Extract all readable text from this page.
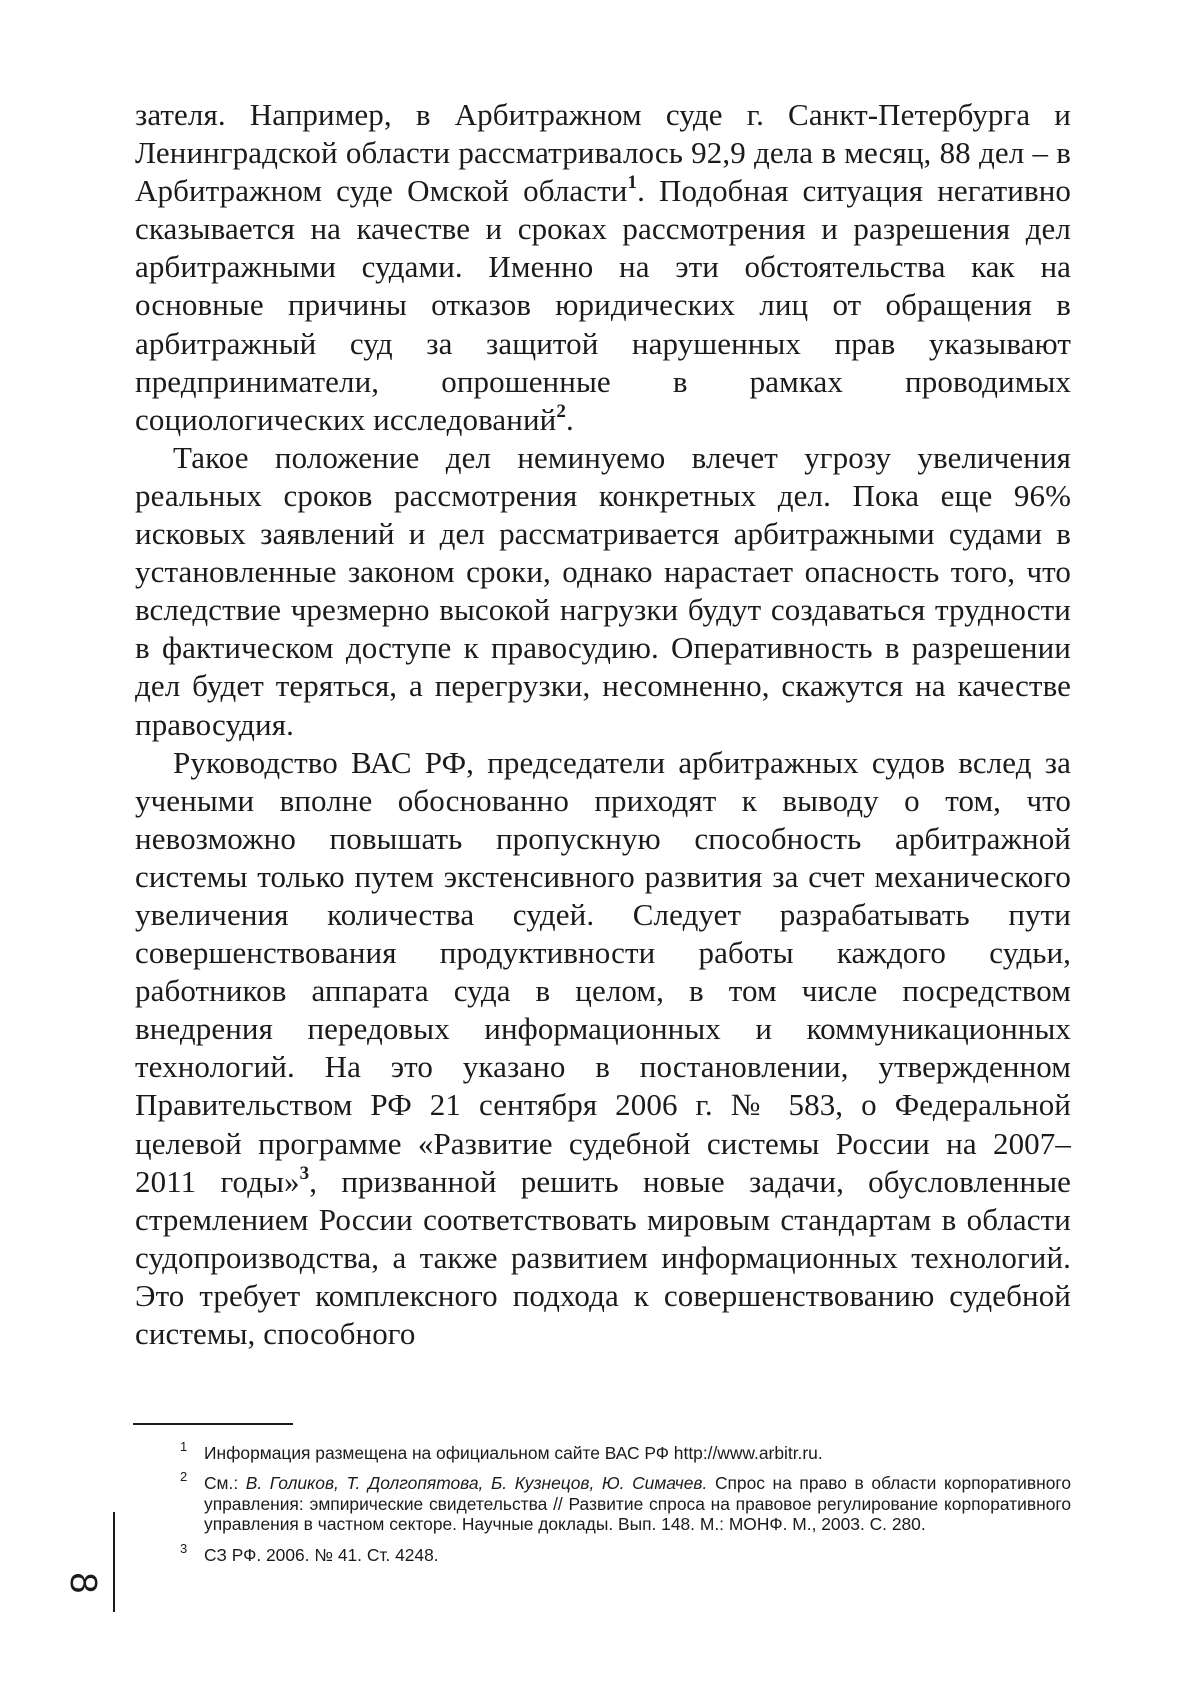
зателя. Например, в Арбитражном суде г. Санкт-Петербурга и Ленинградской области рассматривалось 92,9 дела в месяц, 88 дел – в Арбитражном суде Омской области$^1$. Подобная ситуация негативно сказывается на качестве и сроках рассмотрения и разрешения дел арбитражными судами. Именно на эти обстоятельства как на основные причины отказов юридических лиц от обращения в арбитражный суд за защитой нарушенных прав указывают предприниматели, опрошенные в рамках проводимых социологических исследований$^2$.

Такое положение дел неминуемо влечет угрозу увеличения реальных сроков рассмотрения конкретных дел. Пока еще 96% исковых заявлений и дел рассматривается арбитражными судами в установленные законом сроки, однако нарастает опасность того, что вследствие чрезмерно высокой нагрузки будут создаваться трудности в фактическом доступе к правосудию. Оперативность в разрешении дел будет теряться, а перегрузки, несомненно, скажутся на качестве правосудия.

Руководство ВАС РФ, председатели арбитражных судов вслед за учеными вполне обоснованно приходят к выводу о том, что невозможно повышать пропускную способность арбитражной системы только путем экстенсивного развития за счет механического увеличения количества судей. Следует разрабатывать пути совершенствования продуктивности работы каждого судьи, работников аппарата суда в целом, в том числе посредством внедрения передовых информационных и коммуникационных технологий. На это указано в постановлении, утвержденном Правительством РФ 21 сентября 2006 г. № 583, о Федеральной целевой программе «Развитие судебной системы России на 2007–2011 годы»$^3$, призванной решить новые задачи, обусловленные стремлением России соответствовать мировым стандартам в области судопроизводства, а также развитием информационных технологий. Это требует комплексного подхода к совершенствованию судебной системы, способного

1 Информация размещена на официальном сайте ВАС РФ http://www.arbitr.ru.
2 См.: В. Голиков, Т. Долгопятова, Б. Кузнецов, Ю. Симачев. Спрос на право в области корпоративного управления: эмпирические свидетельства // Развитие спроса на правовое регулирование корпоративного управления в частном секторе. Научные доклады. Вып. 148. М.: МОНФ. М., 2003. С. 280.
3 СЗ РФ. 2006. № 41. Ст. 4248.
8
